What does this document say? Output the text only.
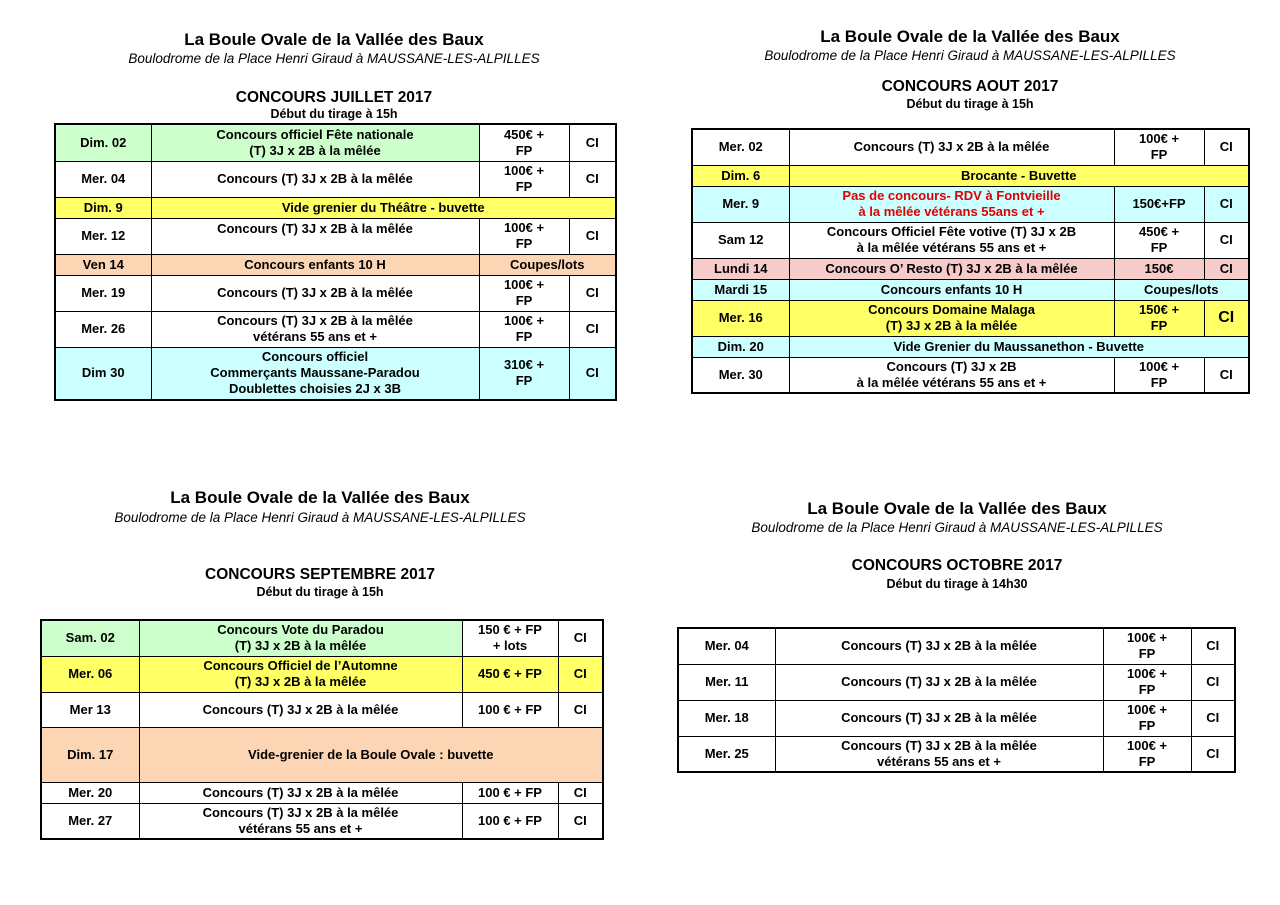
La Boule Ovale de la Vallée des Baux
Boulodrome de la Place Henri Giraud à MAUSSANE-LES-ALPILLES
CONCOURS JUILLET 2017
Début du tirage à 15h
Dim. 02	Concours officiel Fête nationale
(T) 3J x 2B à la mêlée	450€ +
FP	CI
Mer. 04	Concours (T) 3J x 2B à la mêlée	100€ +
FP	CI
Dim. 9	Vide grenier du Théâtre - buvette		
Mer. 12	Concours (T) 3J x 2B à la mêlée	100€ +
FP	CI
Ven 14	Concours enfants 10 H	Coupes/lots	
Mer. 19	Concours (T) 3J x 2B à la mêlée	100€ +
FP	CI
Mer. 26	Concours (T) 3J x 2B à la mêlée
vétérans 55 ans et +	100€ +
FP	CI
Dim 30	Concours officiel
Commerçants Maussane-Paradou
Doublettes choisies 2J x 3B	310€ +
FP	CI
La Boule Ovale de la Vallée des Baux
Boulodrome de la Place Henri Giraud à MAUSSANE-LES-ALPILLES
CONCOURS AOUT 2017
Début du tirage à 15h
Mer. 02	Concours (T) 3J x 2B à la mêlée	100€ +
FP	CI
Dim. 6	Brocante - Buvette		
Mer. 9	Pas de concours- RDV à Fontvieille
à la mêlée vétérans 55ans et +	150€+FP	CI
Sam 12	Concours Officiel Fête votive (T) 3J x 2B
à la mêlée vétérans 55 ans et +	450€ +
FP	CI
Lundi 14	Concours O’ Resto (T) 3J x 2B à la mêlée	150€	CI
Mardi 15	Concours enfants 10 H	Coupes/lots	
Mer. 16	Concours Domaine Malaga
(T) 3J x 2B à la mêlée	150€ +
FP	CI
Dim. 20	Vide Grenier du Maussanethon - Buvette		
Mer. 30	Concours (T) 3J x 2B
à la mêlée vétérans 55 ans et +	100€ +
FP	CI
La Boule Ovale de la Vallée des Baux
Boulodrome de la Place Henri Giraud à MAUSSANE-LES-ALPILLES
CONCOURS SEPTEMBRE 2017
Début du tirage à 15h
Sam. 02	Concours Vote du Paradou
(T) 3J x 2B à la mêlée	150 € + FP
+ lots	CI
Mer. 06	Concours Officiel de l’Automne
(T) 3J x 2B à la mêlée	450 € + FP	CI
Mer 13	Concours (T) 3J x 2B à la mêlée	100 € + FP	CI
Dim. 17	Vide-grenier de la Boule Ovale : buvette		
Mer. 20	Concours (T) 3J x 2B à la mêlée	100 € + FP	CI
Mer. 27	Concours (T) 3J x 2B à la mêlée
vétérans 55 ans et +	100 € + FP	CI
La Boule Ovale de la Vallée des Baux
Boulodrome de la Place Henri Giraud à MAUSSANE-LES-ALPILLES
CONCOURS OCTOBRE 2017
Début du tirage à 14h30
Mer. 04	Concours (T) 3J x 2B à la mêlée	100€ +
FP	CI
Mer. 11	Concours (T) 3J x 2B à la mêlée	100€ +
FP	CI
Mer. 18	Concours (T) 3J x 2B à la mêlée	100€ +
FP	CI
Mer. 25	Concours (T) 3J x 2B à la mêlée
vétérans 55 ans et +	100€ +
FP	CI
